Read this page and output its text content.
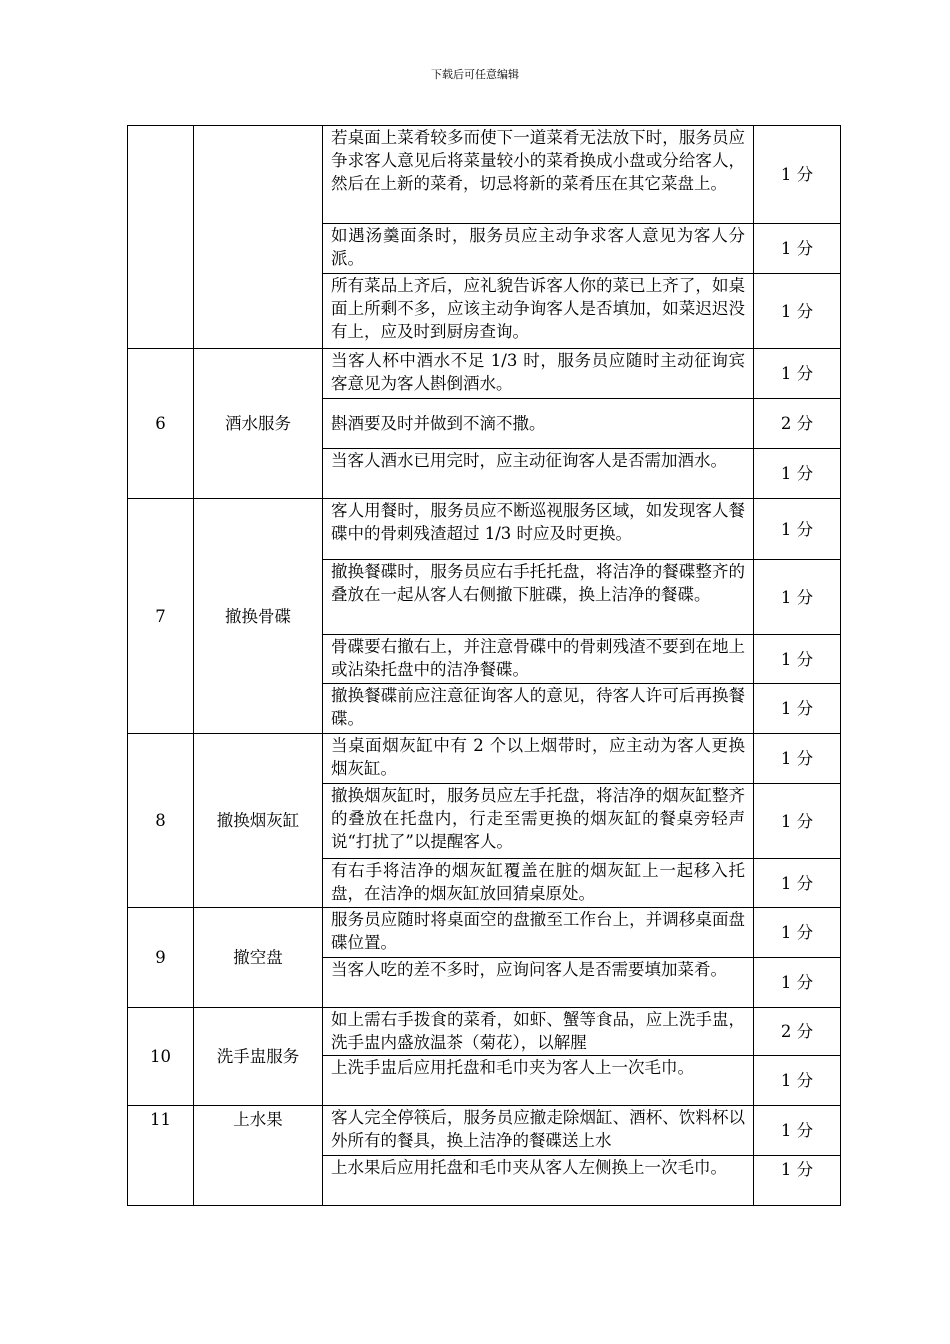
下载后可任意编辑

		若桌面上菜肴较多而使下一道菜肴无法放下时，服务员应争求客人意见后将菜量较小的菜肴换成小盘或分给客人，然后在上新的菜肴，切忌将新的菜肴压在其它菜盘上。	1 分

		如遇汤羹面条时，服务员应主动争求客人意见为客人分派。	1 分

		所有菜品上齐后，应礼貌告诉客人你的菜已上齐了，如桌面上所剩不多，应该主动争询客人是否填加，如菜迟迟没有上，应及时到厨房查询。	1 分
6	酒水服务	当客人杯中酒水不足 1/3 时，服务员应随时主动征询宾客意见为客人斟倒酒水。	1 分

		斟酒要及时并做到不滴不撒。	2 分

		当客人酒水已用完时，应主动征询客人是否需加酒水。	1 分
7	撤换骨碟	客人用餐时，服务员应不断巡视服务区域，如发现客人餐碟中的骨刺残渣超过 1/3 时应及时更换。	1 分

		撤换餐碟时，服务员应右手托托盘，将洁净的餐碟整齐的叠放在一起从客人右侧撤下脏碟，换上洁净的餐碟。	1 分

		骨碟要右撤右上，并注意骨碟中的骨刺残渣不要到在地上或沾染托盘中的洁净餐碟。	1 分

		撤换餐碟前应注意征询客人的意见，待客人许可后再换餐碟。	1 分
8	撤换烟灰缸	当桌面烟灰缸中有 2 个以上烟带时，应主动为客人更换烟灰缸。	1 分

		撤换烟灰缸时，服务员应左手托盘，将洁净的烟灰缸整齐的叠放在托盘内，行走至需更换的烟灰缸的餐桌旁轻声说“打扰了”以提醒客人。	1 分

		有右手将洁净的烟灰缸覆盖在脏的烟灰缸上一起移入托盘，在洁净的烟灰缸放回猜桌原处。	1 分
9	撤空盘	服务员应随时将桌面空的盘撤至工作台上，并调移桌面盘碟位置。	1 分

		当客人吃的差不多时，应询问客人是否需要填加菜肴。	1 分
10	洗手盅服务	如上需右手拨食的菜肴，如虾、蟹等食品，应上洗手盅，洗手盅内盛放温茶（菊花），以解腥	2 分

		上洗手盅后应用托盘和毛巾夹为客人上一次毛巾。	1 分
11	上水果	客人完全停筷后，服务员应撤走除烟缸、酒杯、饮料杯以外所有的餐具，换上洁净的餐碟送上水	1 分

		上水果后应用托盘和毛巾夹从客人左侧换上一次毛巾。	1 分
